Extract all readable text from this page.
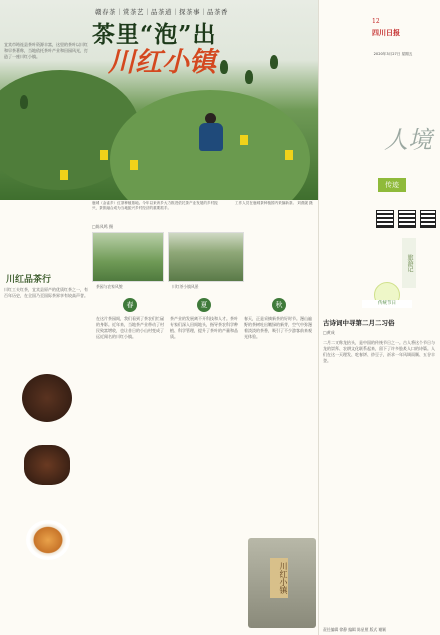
赣春茶｜赏茶艺｜品茶道｜探茶事｜品茶香
茶里“泡”出
川红小镇
鹿城（金雀乡）红茶种植基地。今年以来该乡大力推进依托茶产业发展的乡村振兴，茶旅融合成为当地振兴乡村经济的重要抓手。
□陈凤鸣 摄
工作人员在鹿城茶种植园内采摘新茶。 刘燕妮 摄
宜宾市筠连县茶叶资源丰富，这里的茶叶以川红和早茶著称，当地依托茶叶产业和田园风光，打造了一座川红小镇。
川红品茶行
川红工夫红茶，宜宾县原产的优质红茶之一，有百年历史，在全国乃至国际茶界享有较高声誉。
茶园与农家风貌	川红茶小镇风景
春
在这片茶园间，我们看到了茶农们忙碌的身影。近年来，当地茶产业带动了村民致富增收，也让昔日的小山村变成了远近闻名的川红小镇。
夏
茶产业的发展离不开科技和人才。茶叶专家们深入田间地头，指导茶农科学种植、科学管理，提升了茶叶的产量和品质。
秋
春天，正是采摘新茶的好时节。漫山遍野的茶树吐出嫩绿的新芽，空气中弥漫着淡淡的茶香，吸引了不少游客前来观光体验。
川红小镇
12
四川日报
2020年3月27日 星期五
人境
传迹
旅游记
传统节日
古诗词中寻第二月二习俗
□黄成
二月二又称龙抬头，是中国的传统节日之一。古人将这个节日与龙的崇拜、农耕文化联系起来，留下了许多脍炙人口的诗篇。人们在这一天理发、吃春饼、炒豆子，祈求一年风调雨顺、五谷丰登。
责任编辑 徐静 编辑 陈星照 版式 谢颖
